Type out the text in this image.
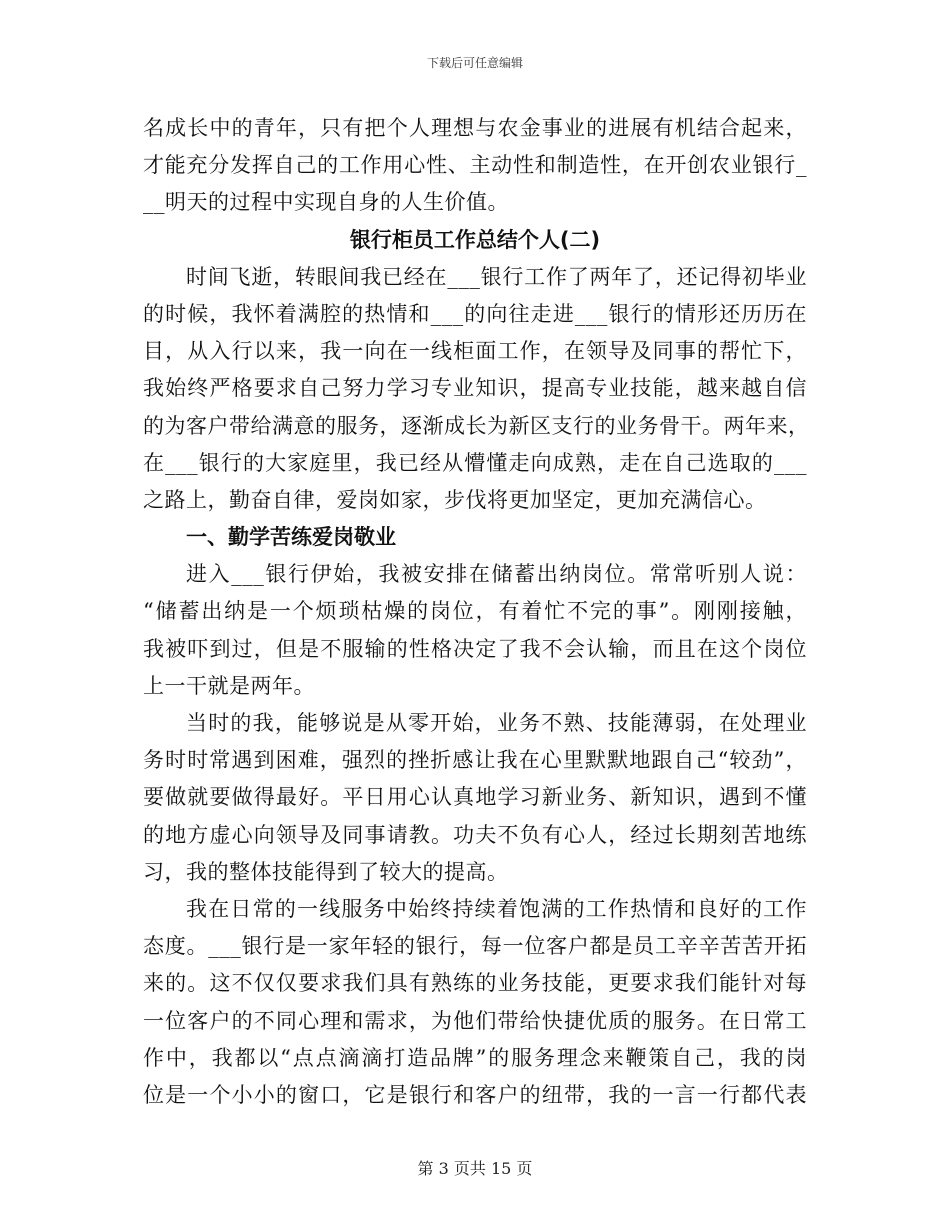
下载后可任意编辑
名成长中的青年，只有把个人理想与农金事业的进展有机结合起来，
才能充分发挥自己的工作用心性、主动性和制造性，在开创农业银行_
__明天的过程中实现自身的人生价值。
银行柜员工作总结个人(二)
时间飞逝，转眼间我已经在___银行工作了两年了，还记得初毕业
的时候，我怀着满腔的热情和___的向往走进___银行的情形还历历在
目，从入行以来，我一向在一线柜面工作，在领导及同事的帮忙下，
我始终严格要求自己努力学习专业知识，提高专业技能，越来越自信
的为客户带给满意的服务，逐渐成长为新区支行的业务骨干。两年来，
在___银行的大家庭里，我已经从懵懂走向成熟，走在自己选取的___
之路上，勤奋自律，爱岗如家，步伐将更加坚定，更加充满信心。
一、勤学苦练爱岗敬业
进入___银行伊始，我被安排在储蓄出纳岗位。常常听别人说：
“储蓄出纳是一个烦琐枯燥的岗位，有着忙不完的事”。刚刚接触，
我被吓到过，但是不服输的性格决定了我不会认输，而且在这个岗位
上一干就是两年。
当时的我，能够说是从零开始，业务不熟、技能薄弱，在处理业
务时时常遇到困难，强烈的挫折感让我在心里默默地跟自己“较劲”，
要做就要做得最好。平日用心认真地学习新业务、新知识，遇到不懂
的地方虚心向领导及同事请教。功夫不负有心人，经过长期刻苦地练
习，我的整体技能得到了较大的提高。
我在日常的一线服务中始终持续着饱满的工作热情和良好的工作
态度。___银行是一家年轻的银行，每一位客户都是员工辛辛苦苦开拓
来的。这不仅仅要求我们具有熟练的业务技能，更要求我们能针对每
一位客户的不同心理和需求，为他们带给快捷优质的服务。在日常工
作中，我都以“点点滴滴打造品牌”的服务理念来鞭策自己，我的岗
位是一个小小的窗口，它是银行和客户的纽带，我的一言一行都代表
第 3 页共 15 页
